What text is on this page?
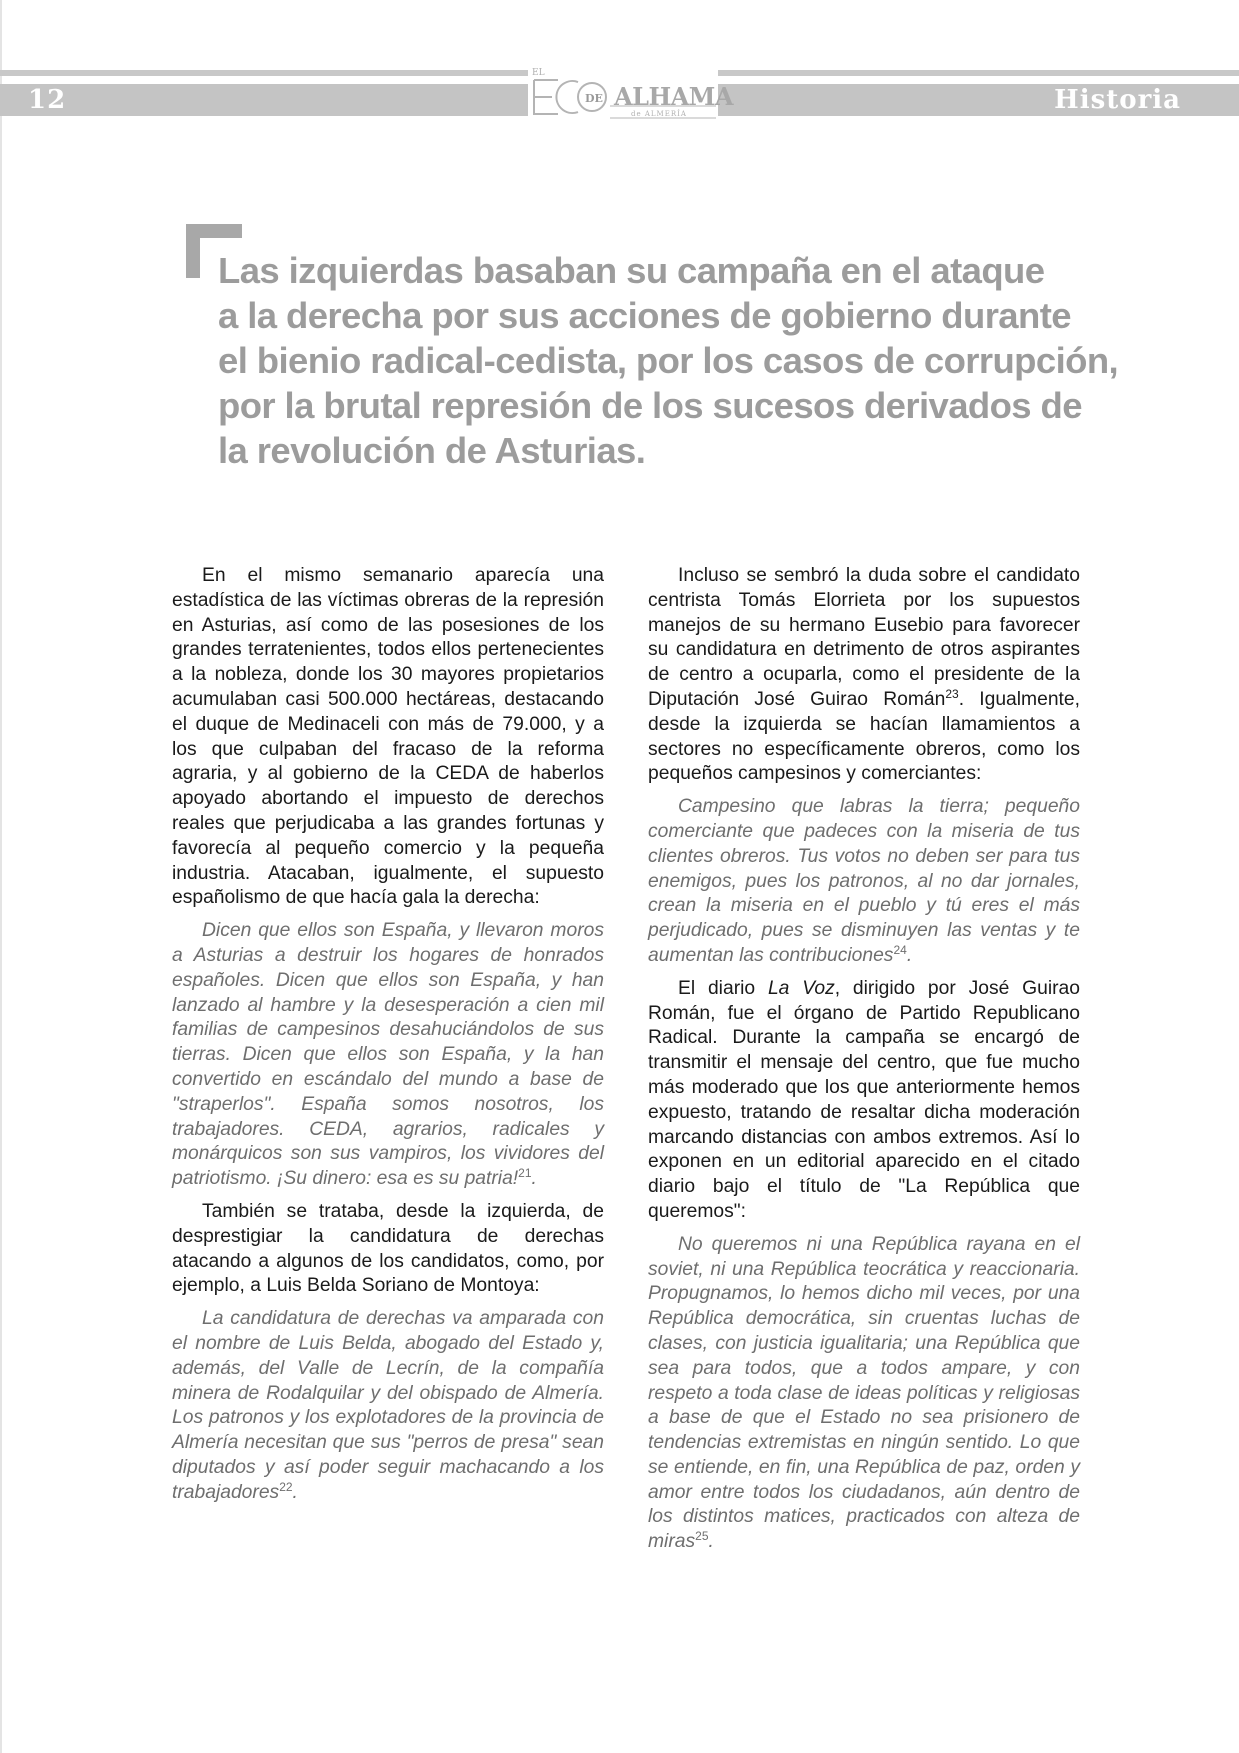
12	Historia
EL
DE ALHAMA
de ALMERÍA
Las izquierdas basaban su campaña en el ataque
a la derecha por sus acciones de gobierno durante
el bienio radical-cedista, por los casos de corrupción,
por la brutal represión de los sucesos derivados de
la revolución de Asturias.

En el mismo semanario aparecía una estadística de las víctimas obreras de la represión en Asturias, así como de las posesiones de los grandes terratenientes, todos ellos pertenecientes a la nobleza, donde los 30 mayores propietarios acumulaban casi 500.000 hectáreas, destacando el duque de Medinaceli con más de 79.000, y a los que culpaban del fracaso de la reforma agraria, y al gobierno de la CEDA de haberlos apoyado abortando el impuesto de derechos reales que perjudicaba a las grandes fortunas y favorecía al pequeño comercio y la pequeña industria. Atacaban, igualmente, el supuesto españolismo de que hacía gala la derecha:

Dicen que ellos son España, y llevaron moros a Asturias a destruir los hogares de honrados españoles. Dicen que ellos son España, y han lanzado al hambre y la desesperación a cien mil familias de campesinos desahuciándolos de sus tierras. Dicen que ellos son España, y la han convertido en escándalo del mundo a base de "straperlos". España somos nosotros, los trabajadores. CEDA, agrarios, radicales y monárquicos son sus vampiros, los vividores del patriotismo. ¡Su dinero: esa es su patria!$^{21}$.

También se trataba, desde la izquierda, de desprestigiar la candidatura de derechas atacando a algunos de los candidatos, como, por ejemplo, a Luis Belda Soriano de Montoya:

La candidatura de derechas va amparada con el nombre de Luis Belda, abogado del Estado y, además, del Valle de Lecrín, de la compañía minera de Rodalquilar y del obispado de Almería. Los patronos y los explotadores de la provincia de Almería necesitan que sus "perros de presa" sean diputados y así poder seguir machacando a los trabajadores$^{22}$.

Incluso se sembró la duda sobre el candidato centrista Tomás Elorrieta por los supuestos manejos de su hermano Eusebio para favorecer su candidatura en detrimento de otros aspirantes de centro a ocuparla, como el presidente de la Diputación José Guirao Román$^{23}$. Igualmente, desde la izquierda se hacían llamamientos a sectores no específicamente obreros, como los pequeños campesinos y comerciantes:

Campesino que labras la tierra; pequeño comerciante que padeces con la miseria de tus clientes obreros. Tus votos no deben ser para tus enemigos, pues los patronos, al no dar jornales, crean la miseria en el pueblo y tú eres el más perjudicado, pues se disminuyen las ventas y te aumentan las contribuciones$^{24}$.

El diario La Voz, dirigido por José Guirao Román, fue el órgano de Partido Republicano Radical. Durante la campaña se encargó de transmitir el mensaje del centro, que fue mucho más moderado que los que anteriormente hemos expuesto, tratando de resaltar dicha moderación marcando distancias con ambos extremos. Así lo exponen en un editorial aparecido en el citado diario bajo el título de "La República que queremos":

No queremos ni una República rayana en el soviet, ni una República teocrática y reaccionaria. Propugnamos, lo hemos dicho mil veces, por una República democrática, sin cruentas luchas de clases, con justicia igualitaria; una República que sea para todos, que a todos ampare, y con respeto a toda clase de ideas políticas y religiosas a base de que el Estado no sea prisionero de tendencias extremistas en ningún sentido. Lo que se entiende, en fin, una República de paz, orden y amor entre todos los ciudadanos, aún dentro de los distintos matices, practicados con alteza de miras$^{25}$.
